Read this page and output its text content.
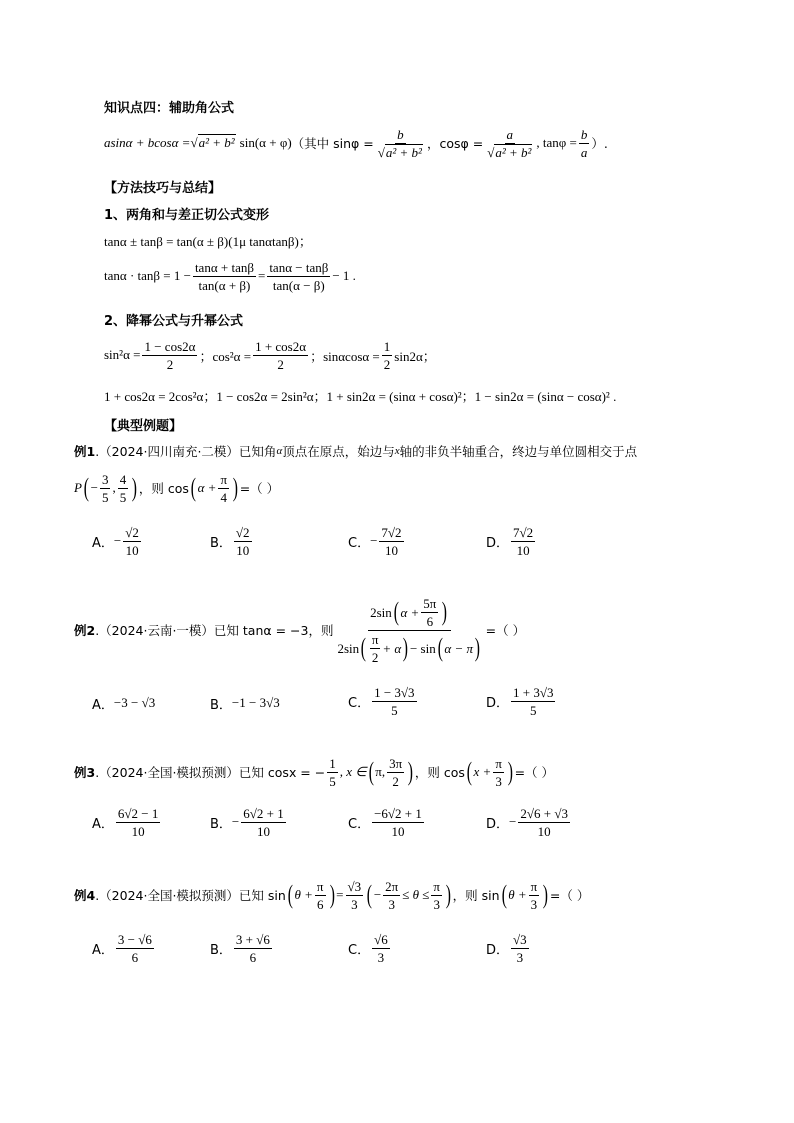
知识点四：辅助角公式
asinα + bcosα = √a² + b² sin(α + φ) （其中 $\sin\varphi = \frac{b}{\text{√a² + b²}}$ ，$\cos\varphi = \frac{a}{\text{√a² + b²}}$ , $\tan\varphi = \frac{b}{a}$ ）.
【方法技巧与总结】
1、两角和与差正切公式变形
tanα ± tanβ = tan(α ± β)(1μ tanαtanβ)；
$\tan\alpha \cdot \tan\beta = 1 - \frac{\tan\alpha + \tan\beta}{\tan(\alpha + \beta)} = \frac{\tan\alpha - \tan\beta}{\tan(\alpha - \beta)} - 1$ .
2、降幂公式与升幂公式
$\sin^2\alpha = \frac{1 - \cos 2\alpha}{2}$ ；$\cos^2\alpha = \frac{1 + \cos 2\alpha}{2}$ ；$\sin\alpha\cos\alpha = \frac{1}{2} \sin 2\alpha$；
1 + cos2α = 2cos²α；1 − cos2α = 2sin²α；1 + sin2α = (sinα + cosα)²；1 − sin2α = (sinα − cosα)² .
【典型例题】
例1 .（2024·四川南充·二模）已知角 α 顶点在原点，始边与 x 轴的非负半轴重合，终边与单位圆相交于点
P ( − $\frac{3}{5}$ , $\frac{4}{5}$ ) ，则 cos ( $\alpha + \frac{\pi}{4}$ ) =（ ）
A． − $\frac{√2}{10}$	B． $\frac{√2}{10}$	C． − $\frac{7√2}{10}$	D． $\frac{7√2}{10}$
例2 .（2024·云南·一模）已知 tanα = −3，则
2sin ( $\alpha + \frac{5\pi}{6}$ )
2sin ( $\frac{\pi}{2} + \alpha$ ) − sin ( α − π )
=（ ）
A． −3 − √3	B． −1 − 3√3	C． $\frac{1 - 3√3}{5}$	D． $\frac{1 + 3√3}{5}$
例3 .（2024·全国·模拟预测）已知 cosx = − $\frac{1}{5}$ , x ∈ ( π, $\frac{3\pi}{2}$ ) ，则 cos ( $x + \frac{\pi}{3}$ ) =（ ）
A． $\frac{6√2 - 1}{10}$	B． − $\frac{6√2 + 1}{10}$	C． $\frac{-6√2 + 1}{10}$	D． − $\frac{2√6 + √3}{10}$
例4 .（2024·全国·模拟预测）已知 sin ( $\theta + \frac{\pi}{6}$ ) = $\frac{√3}{3}$ ( − $\frac{2\pi}{3} \le \theta \le \frac{\pi}{3}$ ) ，则 sin ( $\theta + \frac{\pi}{3}$ ) =（ ）
A． $\frac{3 - √6}{6}$	B． $\frac{3 + √6}{6}$	C． $\frac{√6}{3}$	D． $\frac{√3}{3}$
